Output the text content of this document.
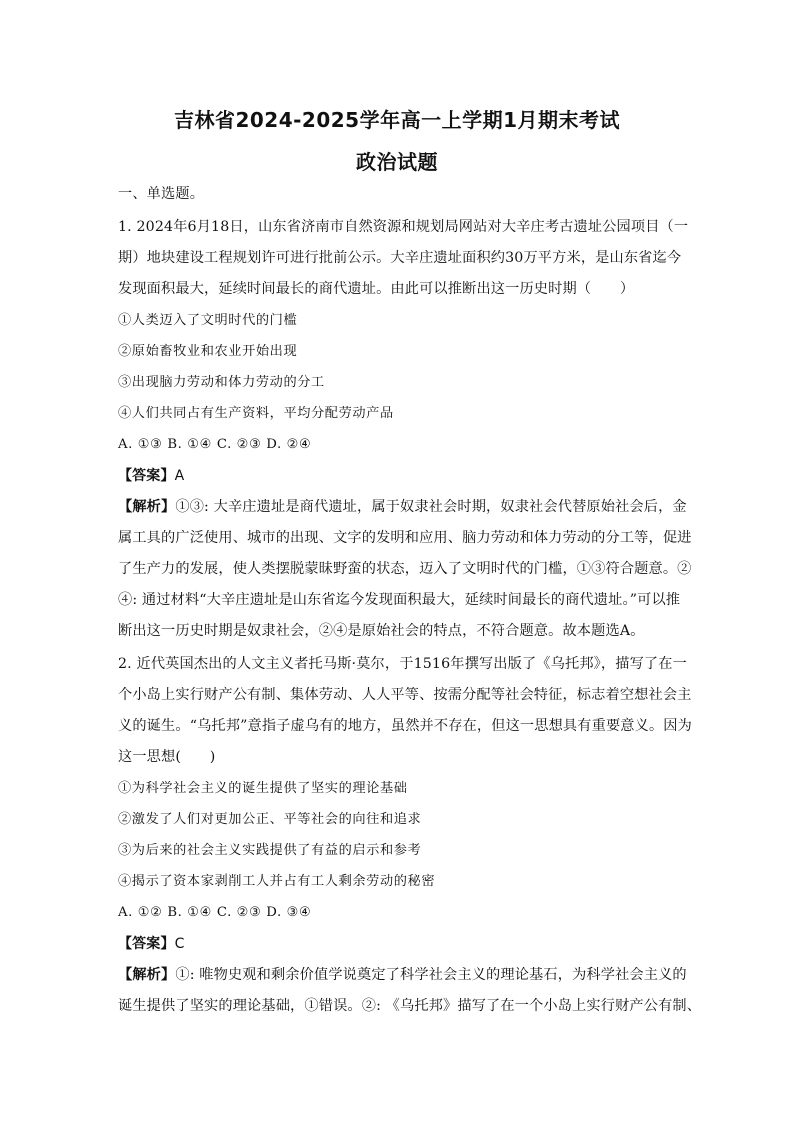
吉林省2024-2025学年高一上学期1月期末考试
政治试题
一、单选题。
1. 2024年6月18日，山东省济南市自然资源和规划局网站对大辛庄考古遗址公园项目（一
期）地块建设工程规划许可进行批前公示。大辛庄遗址面积约30万平方米，是山东省迄今
发现面积最大，延续时间最长的商代遗址。由此可以推断出这一历史时期（　　）
①人类迈入了文明时代的门槛
②原始畜牧业和农业开始出现
③出现脑力劳动和体力劳动的分工
④人们共同占有生产资料，平均分配劳动产品
A. ①③ B. ①④ C. ②③ D. ②④
【答案】A
【解析】①③: 大辛庄遗址是商代遗址，属于奴隶社会时期，奴隶社会代替原始社会后，金
属工具的广泛使用、城市的出现、文字的发明和应用、脑力劳动和体力劳动的分工等，促进
了生产力的发展，使人类摆脱蒙昧野蛮的状态，迈入了文明时代的门槛，①③符合题意。②
④: 通过材料“大辛庄遗址是山东省迄今发现面积最大，延续时间最长的商代遗址。”可以推
断出这一历史时期是奴隶社会，②④是原始社会的特点，不符合题意。故本题选A。
2. 近代英国杰出的人文主义者托马斯·莫尔，于1516年撰写出版了《乌托邦》，描写了在一
个小岛上实行财产公有制、集体劳动、人人平等、按需分配等社会特征，标志着空想社会主
义的诞生。“乌托邦”意指子虚乌有的地方，虽然并不存在，但这一思想具有重要意义。因为
这一思想(　　)
①为科学社会主义的诞生提供了坚实的理论基础
②激发了人们对更加公正、平等社会的向往和追求
③为后来的社会主义实践提供了有益的启示和参考
④揭示了资本家剥削工人并占有工人剩余劳动的秘密
A. ①② B. ①④ C. ②③ D. ③④
【答案】C
【解析】①: 唯物史观和剩余价值学说奠定了科学社会主义的理论基石，为科学社会主义的
诞生提供了坚实的理论基础，①错误。②: 《乌托邦》描写了在一个小岛上实行财产公有制、
